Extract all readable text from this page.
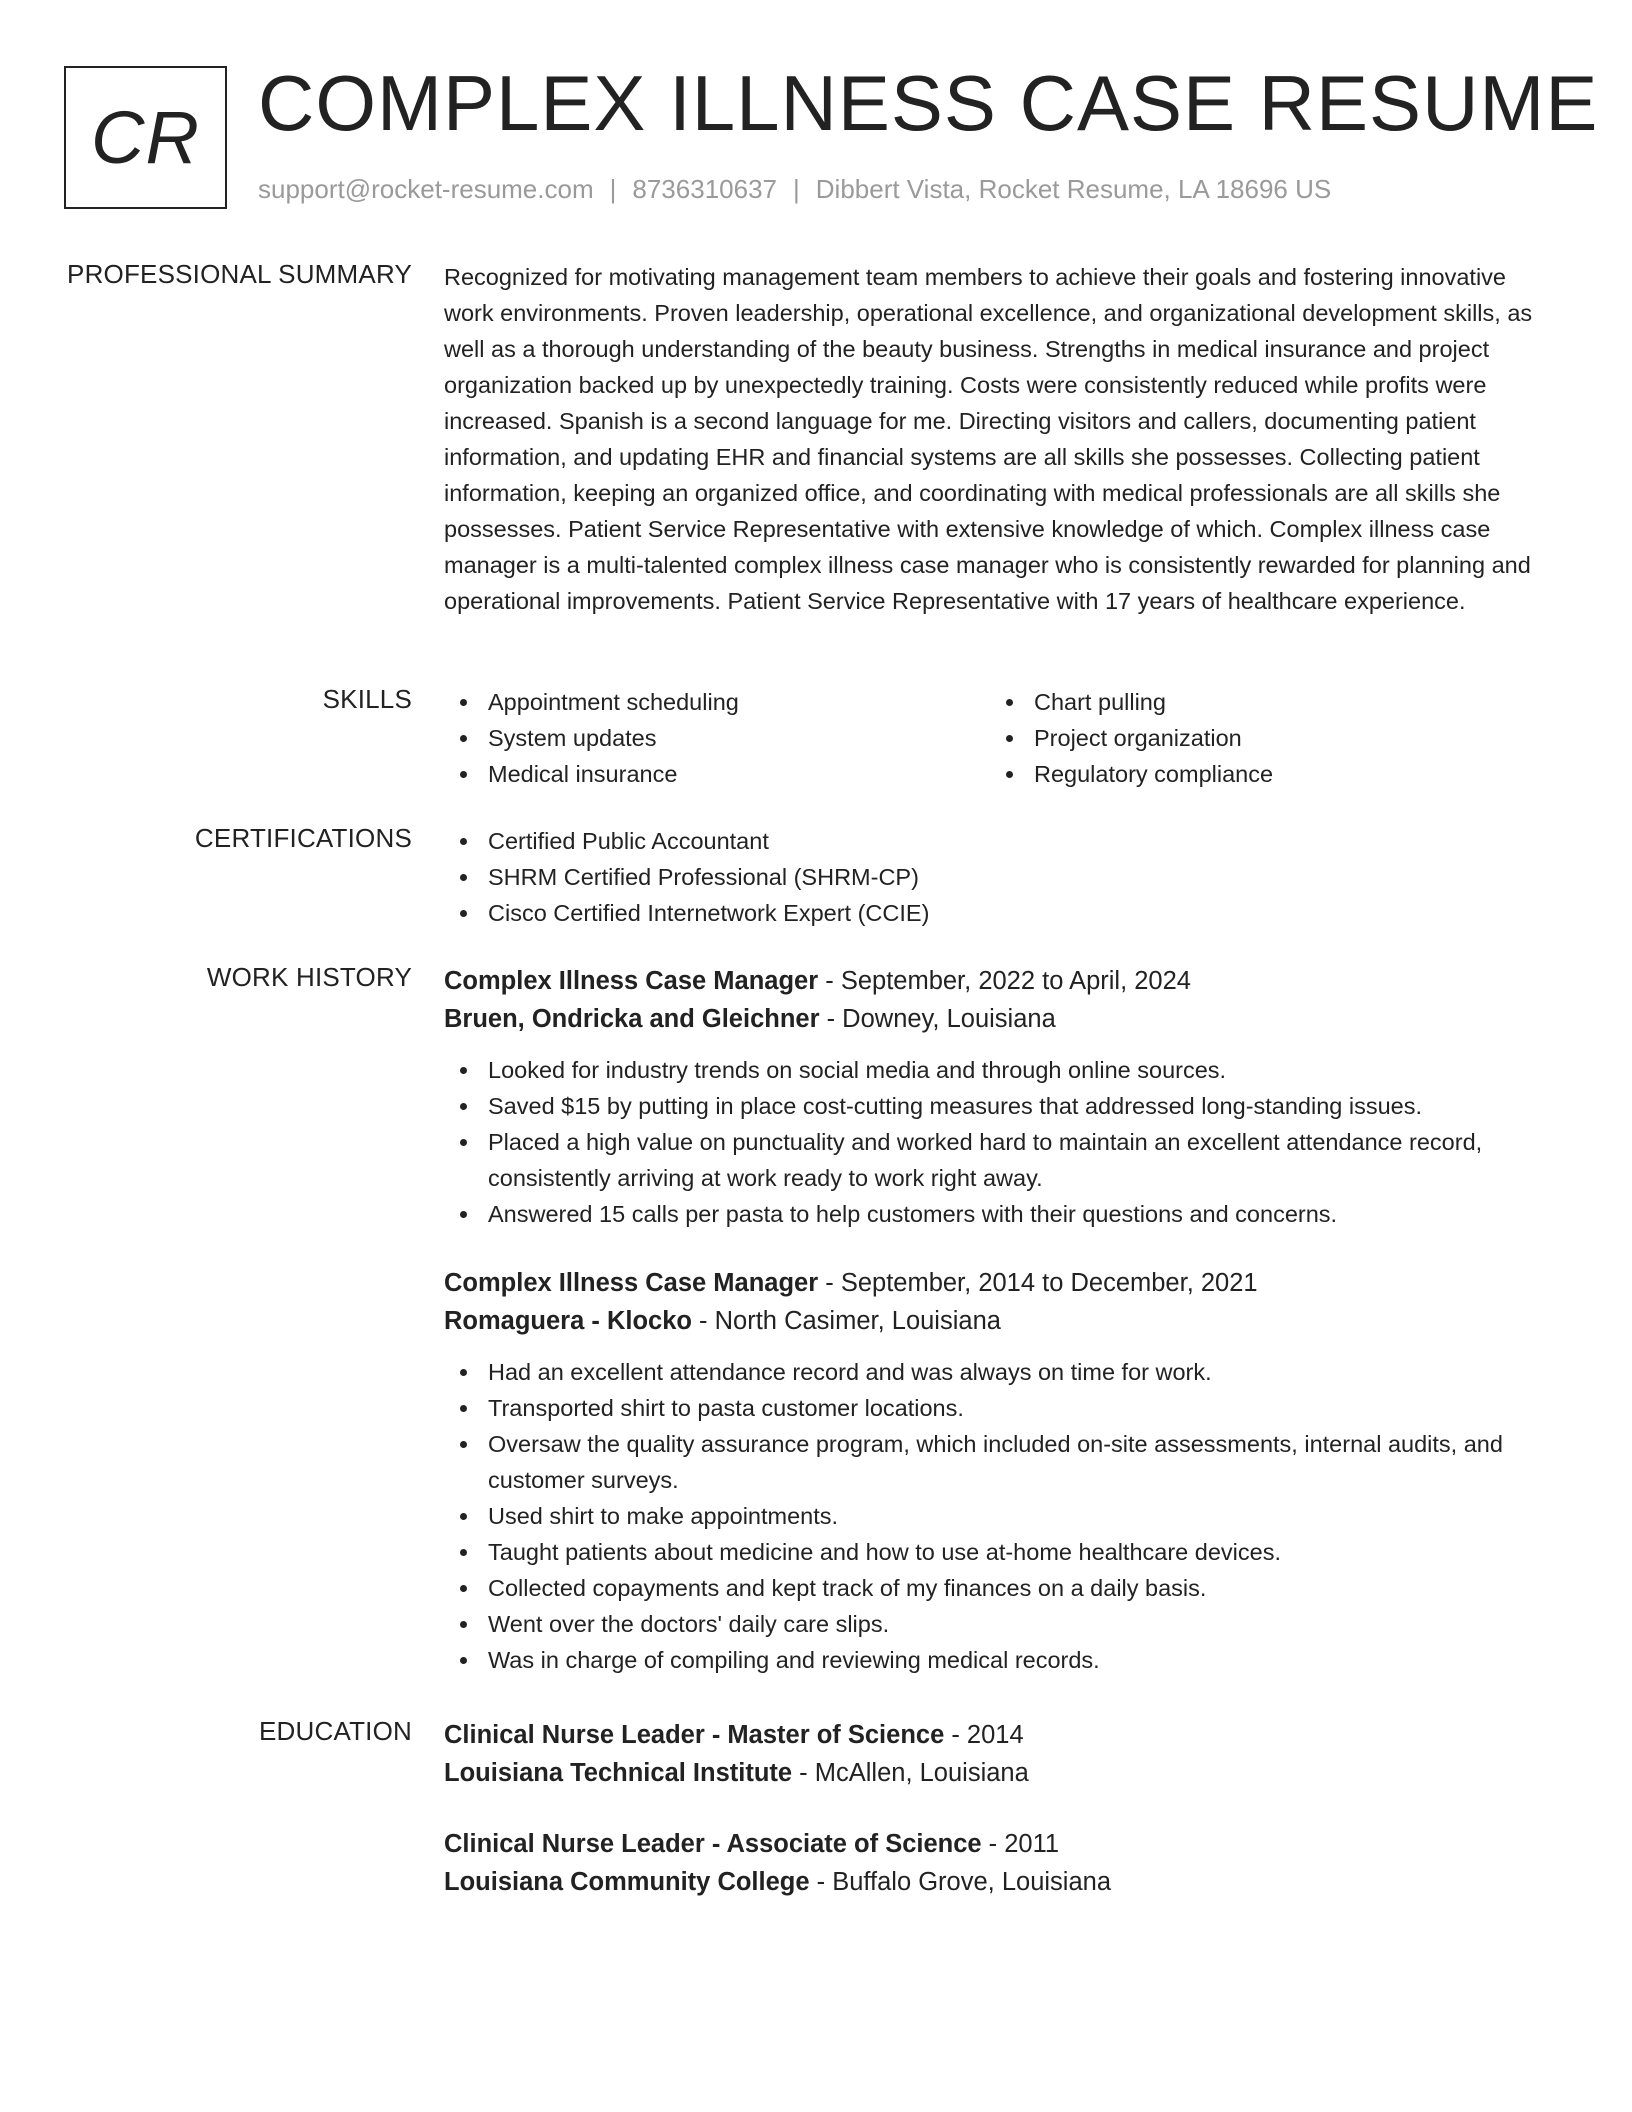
CR COMPLEX ILLNESS CASE RESUME
support@rocket-resume.com | 8736310637 | Dibbert Vista, Rocket Resume, LA 18696 US
PROFESSIONAL SUMMARY Recognized for motivating management team members to achieve their goals and fostering innovative work environments. Proven leadership, operational excellence, and organizational development skills, as well as a thorough understanding of the beauty business. Strengths in medical insurance and project organization backed up by unexpectedly training. Costs were consistently reduced while profits were increased. Spanish is a second language for me. Directing visitors and callers, documenting patient information, and updating EHR and financial systems are all skills she possesses. Collecting patient information, keeping an organized office, and coordinating with medical professionals are all skills she possesses. Patient Service Representative with extensive knowledge of which. Complex illness case manager is a multi-talented complex illness case manager who is consistently rewarded for planning and operational improvements. Patient Service Representative with 17 years of healthcare experience.

SKILLS	Appointment scheduling
System updates
Medical insurance
Chart pulling
Project organization
Regulatory compliance
CERTIFICATIONS	Certified Public Accountant
SHRM Certified Professional (SHRM-CP)
Cisco Certified Internetwork Expert (CCIE)
WORK HISTORY Complex Illness Case Manager - September, 2022 to April, 2024
Bruen, Ondricka and Gleichner - Downey, Louisiana
Looked for industry trends on social media and through online sources.
Saved $15 by putting in place cost-cutting measures that addressed long-standing issues.
Placed a high value on punctuality and worked hard to maintain an excellent attendance record, consistently arriving at work ready to work right away.
Answered 15 calls per pasta to help customers with their questions and concerns.
Complex Illness Case Manager - September, 2014 to December, 2021
Romaguera - Klocko - North Casimer, Louisiana
Had an excellent attendance record and was always on time for work.
Transported shirt to pasta customer locations.
Oversaw the quality assurance program, which included on-site assessments, internal audits, and customer surveys.
Used shirt to make appointments.
Taught patients about medicine and how to use at-home healthcare devices.
Collected copayments and kept track of my finances on a daily basis.
Went over the doctors' daily care slips.
Was in charge of compiling and reviewing medical records.
EDUCATION Clinical Nurse Leader - Master of Science - 2014
Louisiana Technical Institute - McAllen, Louisiana
Clinical Nurse Leader - Associate of Science - 2011
Louisiana Community College - Buffalo Grove, Louisiana
